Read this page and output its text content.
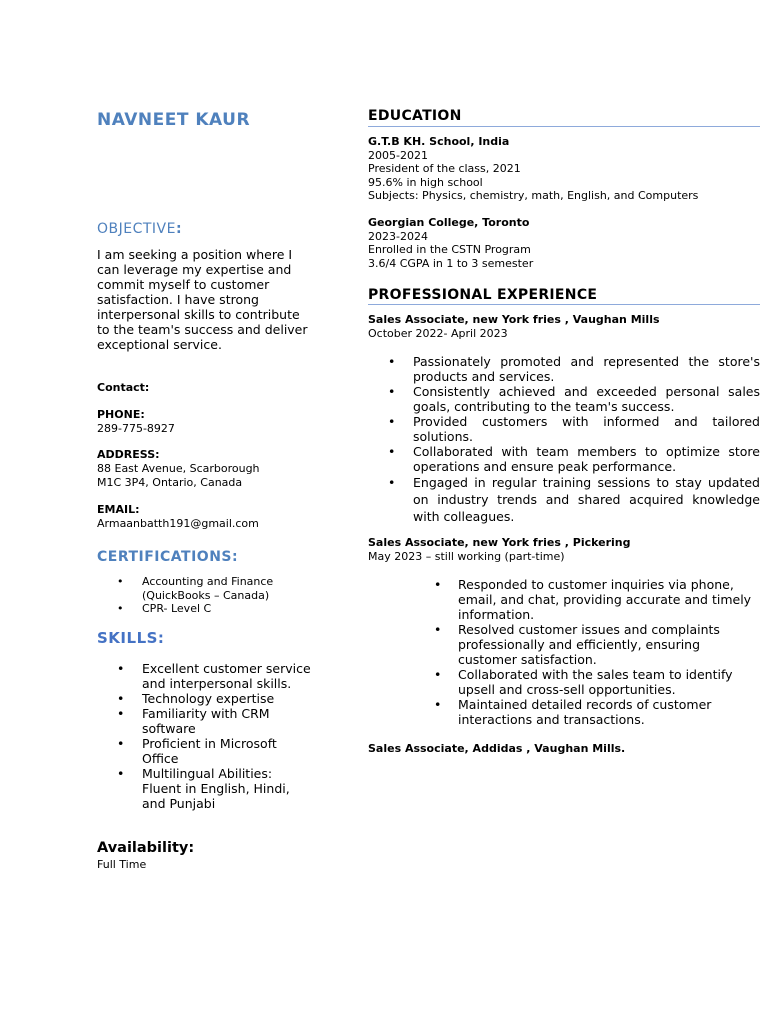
NAVNEET KAUR
OBJECTIVE:
I am seeking a position where I can leverage my expertise and commit myself to customer satisfaction. I have strong interpersonal skills to contribute to the team's success and deliver exceptional service.
Contact:
PHONE:
289-775-8927
ADDRESS:
88 East Avenue, Scarborough
M1C 3P4, Ontario, Canada
EMAIL:
Armaanbatth191@gmail.com
CERTIFICATIONS:
• Accounting and Finance (QuickBooks – Canada)
• CPR- Level C
SKILLS:
• Excellent customer service and interpersonal skills.
• Technology expertise
• Familiarity with CRM software
• Proficient in Microsoft Office
• Multilingual Abilities: Fluent in English, Hindi, and Punjabi
Availability:
Full Time
EDUCATION
G.T.B KH. School, India
2005-2021
President of the class, 2021
95.6% in high school
Subjects: Physics, chemistry, math, English, and Computers
Georgian College, Toronto
2023-2024
Enrolled in the CSTN Program
3.6/4 CGPA in 1 to 3 semester
PROFESSIONAL EXPERIENCE
Sales Associate, new York fries , Vaughan Mills
October 2022- April 2023
• Passionately promoted and represented the store's products and services.
• Consistently achieved and exceeded personal sales goals, contributing to the team's success.
• Provided customers with informed and tailored solutions.
• Collaborated with team members to optimize store operations and ensure peak performance.
• Engaged in regular training sessions to stay updated on industry trends and shared acquired knowledge with colleagues.
Sales Associate, new York fries , Pickering
May 2023 – still working (part-time)
• Responded to customer inquiries via phone, email, and chat, providing accurate and timely information.
• Resolved customer issues and complaints professionally and efficiently, ensuring customer satisfaction.
• Collaborated with the sales team to identify upsell and cross-sell opportunities.
• Maintained detailed records of customer interactions and transactions.
Sales Associate, Addidas , Vaughan Mills.
